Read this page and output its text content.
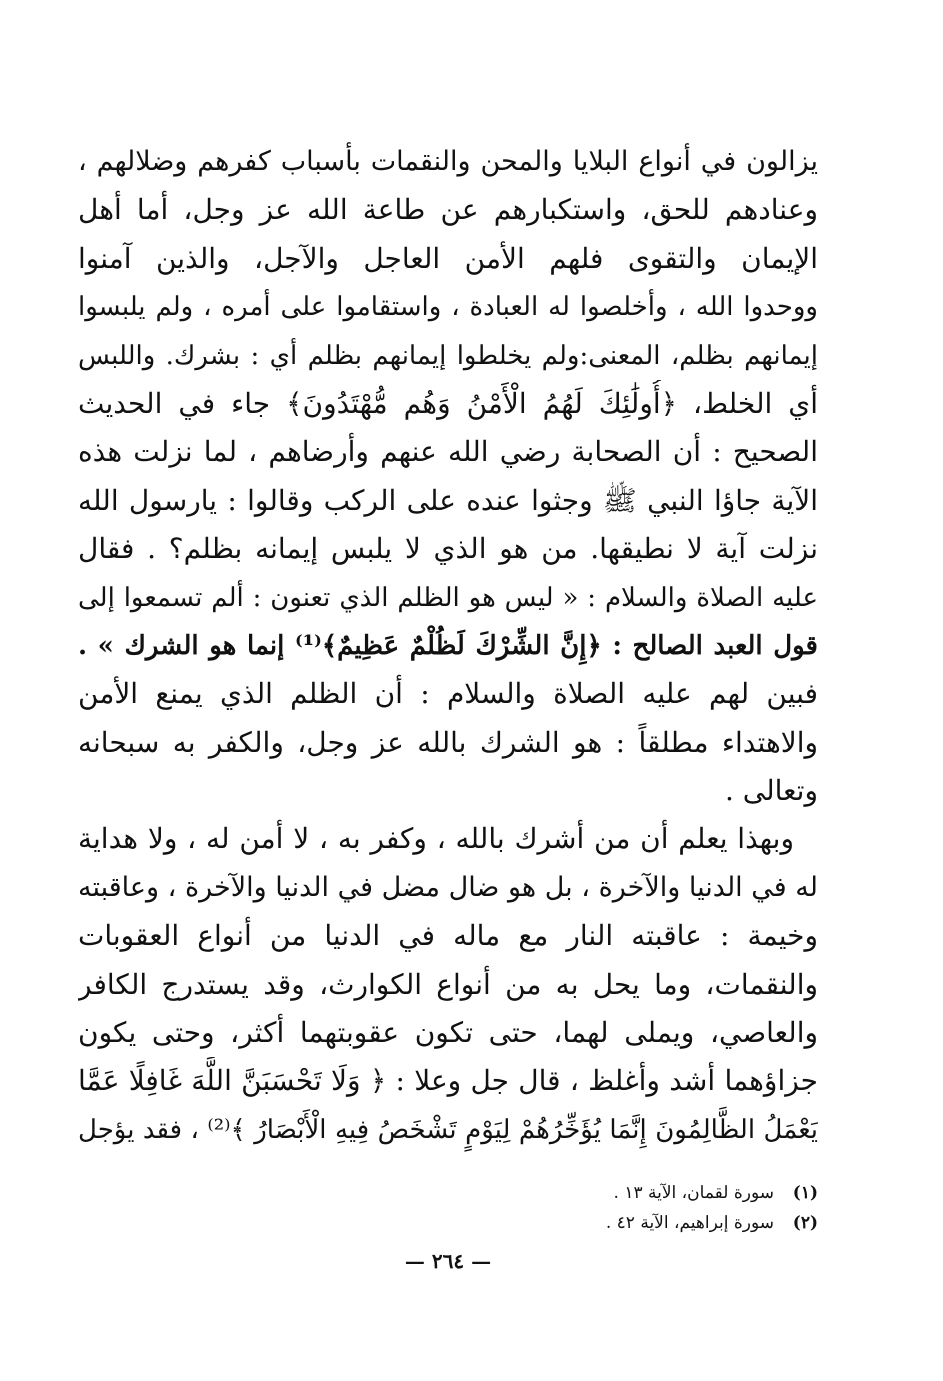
يزالون في أنواع البلايا والمحن والنقمات بأسباب كفرهم وضلالهم ،
وعنادهم للحق، واستكبارهم عن طاعة الله عز وجل، أما أهل
الإيمان والتقوى فلهم الأمن العاجل والآجل، والذين آمنوا
ووحدوا الله ، وأخلصوا له العبادة ، واستقاموا على أمره ، ولم يلبسوا
إيمانهم بظلم، المعنى:ولم يخلطوا إيمانهم بظلم أي : بشرك. واللبس
أي الخلط، ﴿أُولَٰئِكَ لَهُمُ الْأَمْنُ وَهُم مُّهْتَدُونَ﴾ جاء في الحديث
الصحيح : أن الصحابة رضي الله عنهم وأرضاهم ، لما نزلت هذه
الآية جاؤا النبي ﷺ وجثوا عنده على الركب وقالوا : يارسول الله
نزلت آية لا نطيقها. من هو الذي لا يلبس إيمانه بظلم؟ . فقال
عليه الصلاة والسلام : « ليس هو الظلم الذي تعنون : ألم تسمعوا إلى
قول العبد الصالح : ﴿إِنَّ الشِّرْكَ لَظُلْمٌ عَظِيمٌ﴾⁽¹⁾ إنما هو الشرك » .
فبين لهم عليه الصلاة والسلام : أن الظلم الذي يمنع الأمن
والاهتداء مطلقاً : هو الشرك بالله عز وجل، والكفر به سبحانه
وتعالى .
وبهذا يعلم أن من أشرك بالله ، وكفر به ، لا أمن له ، ولا هداية
له في الدنيا والآخرة ، بل هو ضال مضل في الدنيا والآخرة ، وعاقبته
وخيمة : عاقبته النار مع ماله في الدنيا من أنواع العقوبات
والنقمات، وما يحل به من أنواع الكوارث، وقد يستدرج الكافر
والعاصي، ويملى لهما، حتى تكون عقوبتهما أكثر، وحتى يكون
جزاؤهما أشد وأغلظ ، قال جل وعلا : ﴿ وَلَا تَحْسَبَنَّ اللَّهَ غَافِلًا عَمَّا
يَعْمَلُ الظَّالِمُونَ إِنَّمَا يُؤَخِّرُهُمْ لِيَوْمٍ تَشْخَصُ فِيهِ الْأَبْصَارُ ﴾⁽²⁾ ، فقد يؤجل
(١)سورة لقمان، الآية ١٣ .
(٢)سورة إبراهيم، الآية ٤٢ .
— ٢٦٤ —
